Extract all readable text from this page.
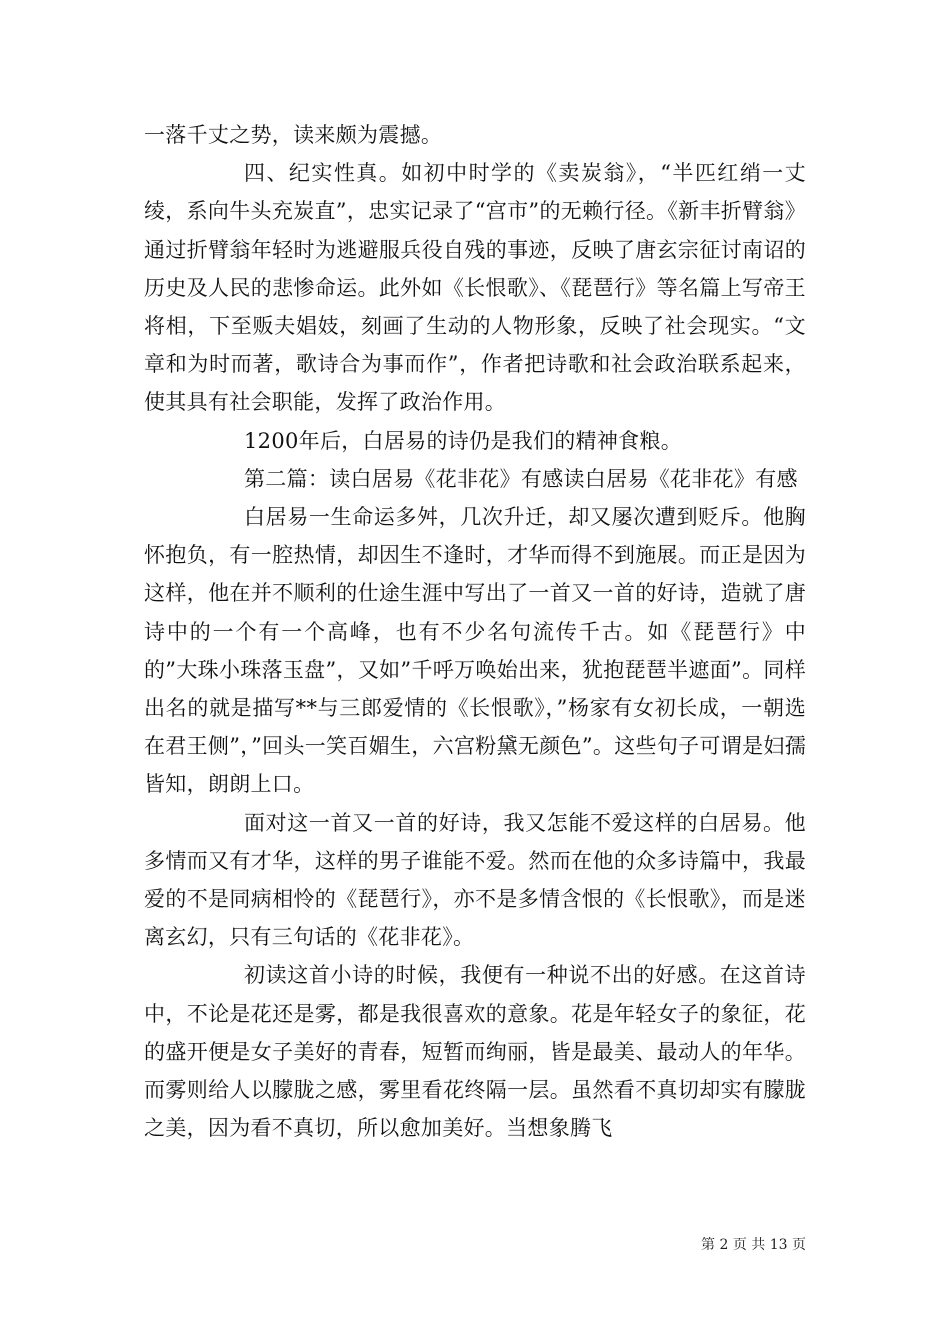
一落千丈之势，读来颇为震撼。

四、纪实性真。如初中时学的《卖炭翁》，“半匹红绡一丈绫，系向牛头充炭直”，忠实记录了“宫市”的无赖行径。《新丰折臂翁》通过折臂翁年轻时为逃避服兵役自残的事迹，反映了唐玄宗征讨南诏的历史及人民的悲惨命运。此外如《长恨歌》、《琵琶行》等名篇上写帝王将相，下至贩夫娼妓，刻画了生动的人物形象，反映了社会现实。“文章和为时而著，歌诗合为事而作”，作者把诗歌和社会政治联系起来，使其具有社会职能，发挥了政治作用。

1200年后，白居易的诗仍是我们的精神食粮。

第二篇：读白居易《花非花》有感读白居易《花非花》有感

白居易一生命运多舛，几次升迁，却又屡次遭到贬斥。他胸怀抱负，有一腔热情，却因生不逢时，才华而得不到施展。而正是因为这样，他在并不顺利的仕途生涯中写出了一首又一首的好诗，造就了唐诗中的一个有一个高峰，也有不少名句流传千古。如《琵琶行》中的”大珠小珠落玉盘”，又如”千呼万唤始出来，犹抱琵琶半遮面”。同样出名的就是描写**与三郎爱情的《长恨歌》，”杨家有女初长成，一朝选在君王侧”，”回头一笑百媚生，六宫粉黛无颜色”。这些句子可谓是妇孺皆知，朗朗上口。

面对这一首又一首的好诗，我又怎能不爱这样的白居易。他多情而又有才华，这样的男子谁能不爱。然而在他的众多诗篇中，我最爱的不是同病相怜的《琵琶行》，亦不是多情含恨的《长恨歌》，而是迷离玄幻，只有三句话的《花非花》。

初读这首小诗的时候，我便有一种说不出的好感。在这首诗中，不论是花还是雾，都是我很喜欢的意象。花是年轻女子的象征，花的盛开便是女子美好的青春，短暂而绚丽，皆是最美、最动人的年华。而雾则给人以朦胧之感，雾里看花终隔一层。虽然看不真切却实有朦胧之美，因为看不真切，所以愈加美好。当想象腾飞

第 2 页 共 13 页
